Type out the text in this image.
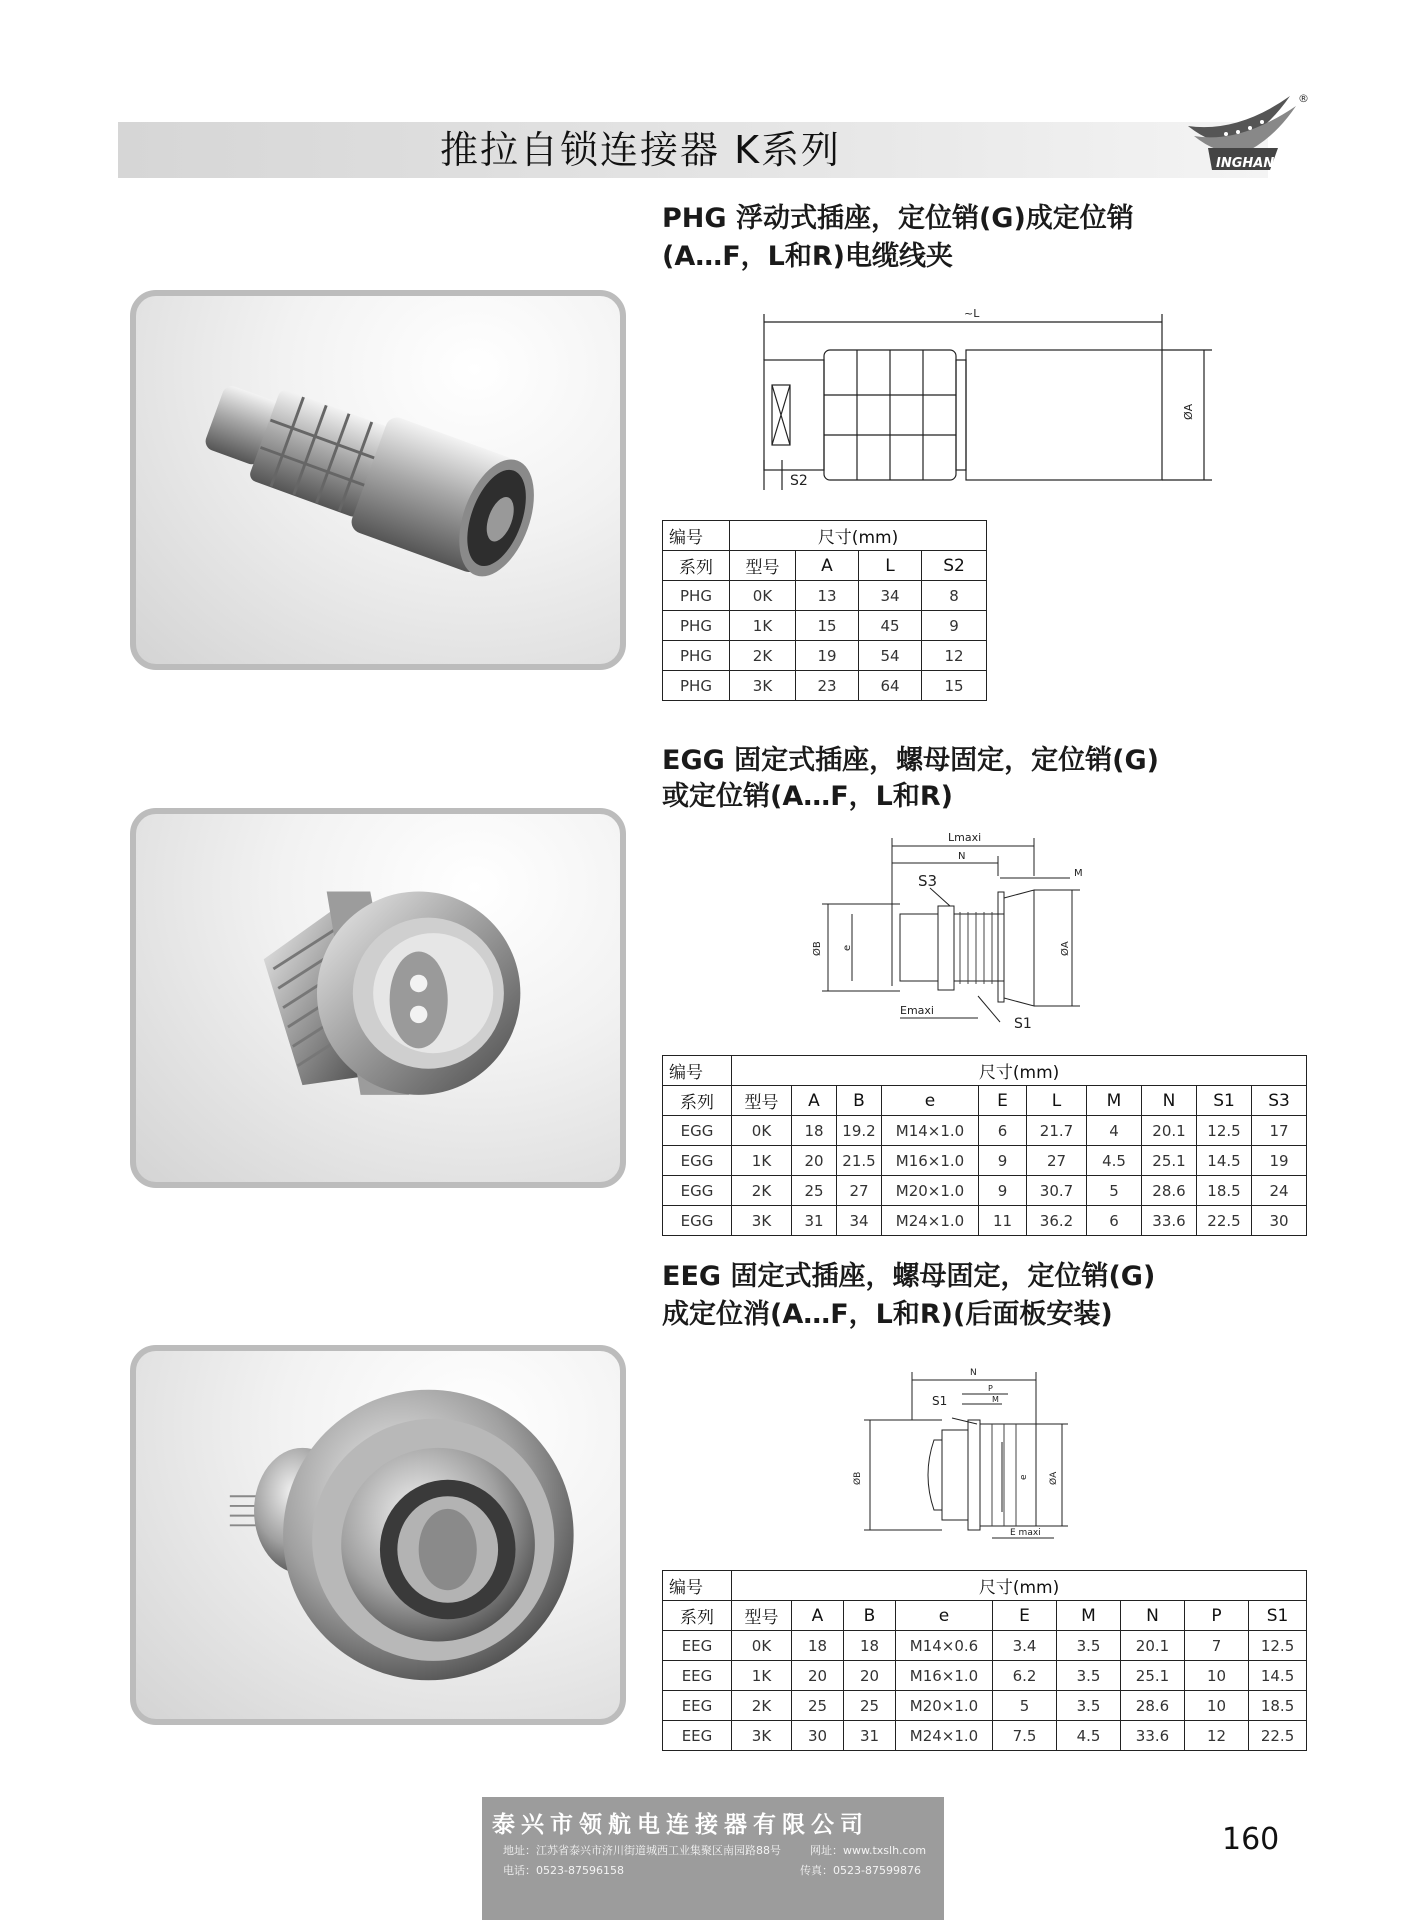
推拉自锁连接器 K系列	INGHANG
®
PHG 浮动式插座，定位销(G)成定位销
(A…F，L和R)电缆线夹
~L
ØA
S2
编号	尺寸(mm)			
系列	型号	A	L	S2
PHG	0K	13	34	8
PHG	1K	15	45	9
PHG	2K	19	54	12
PHG	3K	23	64	15
EGG 固定式插座，螺母固定，定位销(G)
或定位销(A…F，L和R)
Lmaxi
N
M
S3
ØB e	ØA
Emaxi
S1
编号	尺寸(mm)									
系列	型号	A	B	e	E	L	M	N	S1	S3
EGG	0K	18	19.2	M14×1.0	6	21.7	4	20.1	12.5	17
EGG	1K	20	21.5	M16×1.0	9	27	4.5	25.1	14.5	19
EGG	2K	25	27	M20×1.0	9	30.7	5	28.6	18.5	24
EGG	3K	31	34	M24×1.0	11	36.2	6	33.6	22.5	30
EEG 固定式插座，螺母固定，定位销(G)
成定位消(A…F，L和R)(后面板安装)
N
S1
P
M
ØB	e ØA
E maxi
编号	尺寸(mm)								
系列	型号	A	B	e	E	M	N	P	S1
EEG	0K	18	18	M14×0.6	3.4	3.5	20.1	7	12.5
EEG	1K	20	20	M16×1.0	6.2	3.5	25.1	10	14.5
EEG	2K	25	25	M20×1.0	5	3.5	28.6	10	18.5
EEG	3K	30	31	M24×1.0	7.5	4.5	33.6	12	22.5
泰兴市领航电连接器有限公司
地址：江苏省泰兴市济川街道城西工业集聚区南园路88号	网址：www.txslh.com
电话：0523-87596158	传真：0523-87599876
160
